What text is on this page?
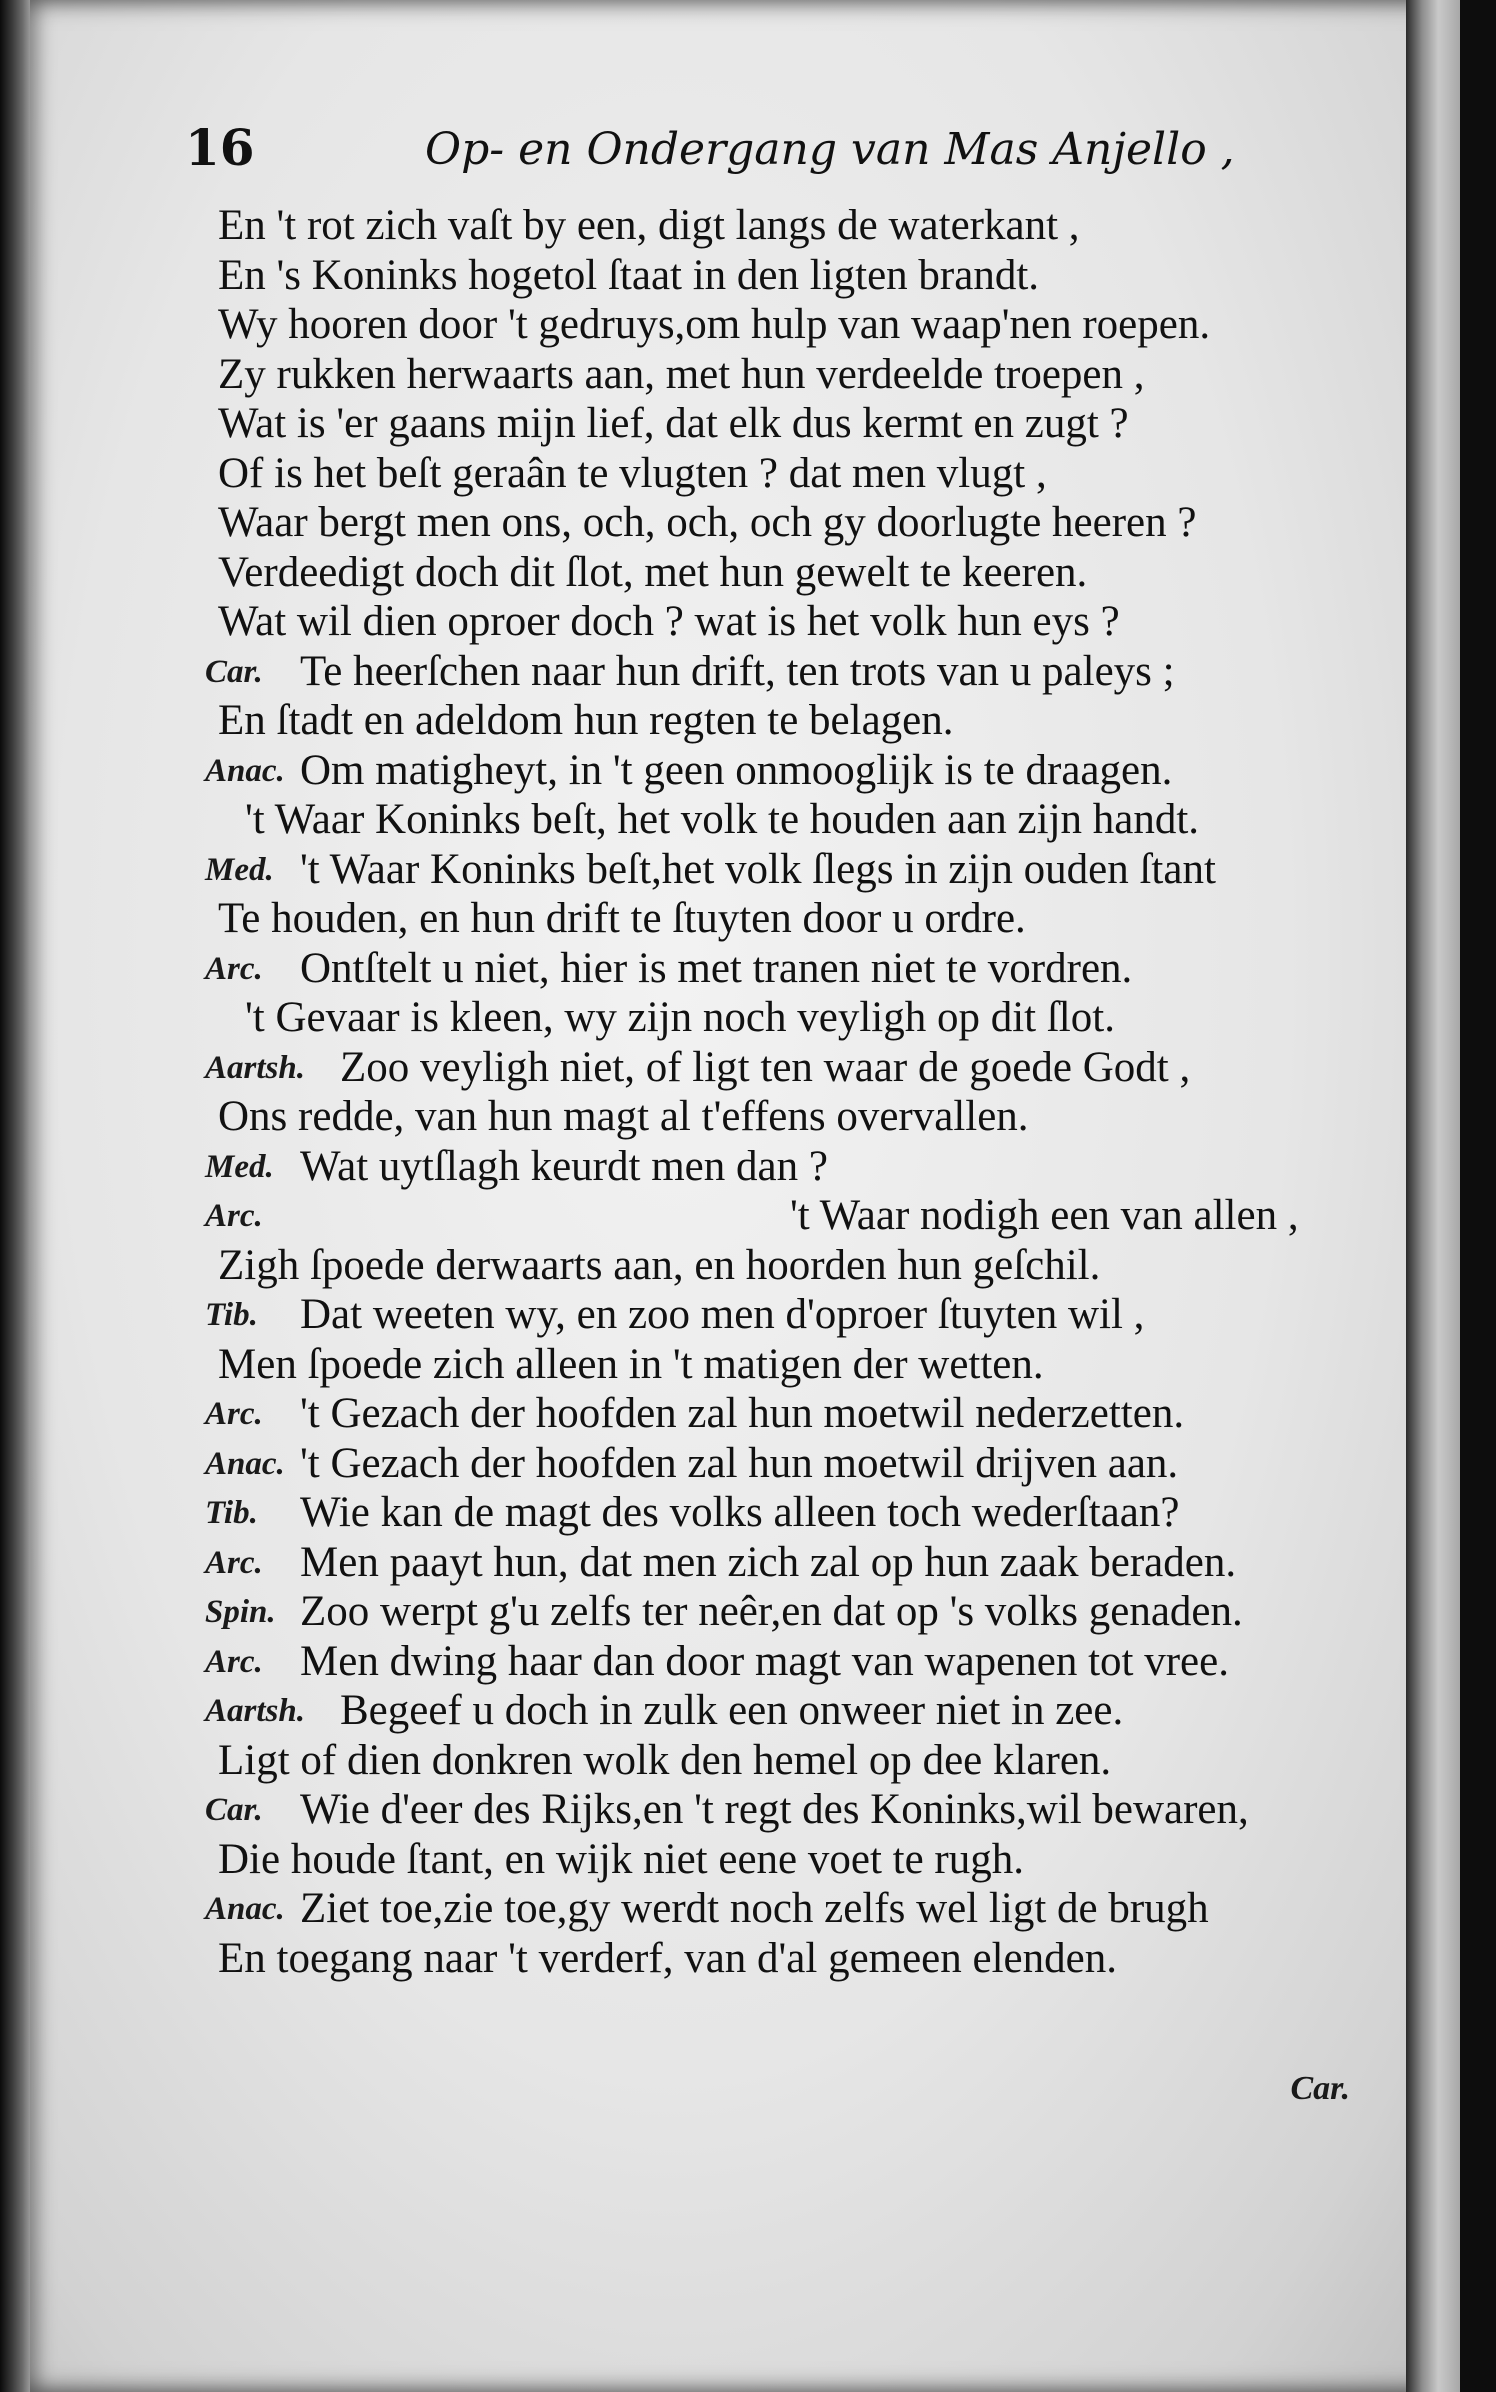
16	Op- en Ondergang van Mas Anjello ,
En 't rot zich vaſt by een, digt langs de waterkant ,
En 's Koninks hogetol ſtaat in den ligten brandt.
Wy hooren door 't gedruys,om hulp van waap'nen roepen.
Zy rukken herwaarts aan, met hun verdeelde troepen ,
Wat is 'er gaans mijn lief, dat elk dus kermt en zugt ?
Of is het beſt geraân te vlugten ? dat men vlugt ,
Waar bergt men ons, och, och, och gy doorlugte heeren ?
Verdeedigt doch dit ſlot, met hun gewelt te keeren.
Wat wil dien oproer doch ? wat is het volk hun eys ?
Car. Te heerſchen naar hun drift, ten trots van u paleys ;
En ſtadt en adeldom hun regten te belagen.
Anac. Om matigheyt, in 't geen onmooglijk is te draagen.
't Waar Koninks beſt, het volk te houden aan zijn handt.
Med. 't Waar Koninks beſt,het volk ſlegs in zijn ouden ſtant
Te houden, en hun drift te ſtuyten door u ordre.
Arc. Ontſtelt u niet, hier is met tranen niet te vordren.
't Gevaar is kleen, wy zijn noch veyligh op dit ſlot.
Aartsh. Zoo veyligh niet, of ligt ten waar de goede Godt ,
Ons redde, van hun magt al t'effens overvallen.
Med. Wat uytſlagh keurdt men dan ?
Arc.	't Waar nodigh een van allen ,
Zigh ſpoede derwaarts aan, en hoorden hun geſchil.
Tib. Dat weeten wy, en zoo men d'oproer ſtuyten wil ,
Men ſpoede zich alleen in 't matigen der wetten.
Arc. 't Gezach der hoofden zal hun moetwil nederzetten.
Anac. 't Gezach der hoofden zal hun moetwil drijven aan.
Tib. Wie kan de magt des volks alleen toch wederſtaan?
Arc. Men paayt hun, dat men zich zal op hun zaak beraden.
Spin. Zoo werpt g'u zelfs ter neêr,en dat op 's volks genaden.
Arc. Men dwing haar dan door magt van wapenen tot vree.
Aartsh. Begeef u doch in zulk een onweer niet in zee.
Ligt of dien donkren wolk den hemel op dee klaren.
Car. Wie d'eer des Rijks,en 't regt des Koninks,wil bewaren,
Die houde ſtant, en wijk niet eene voet te rugh.
Anac. Ziet toe,zie toe,gy werdt noch zelfs wel ligt de brugh
En toegang naar 't verderf, van d'al gemeen elenden.
Car.
